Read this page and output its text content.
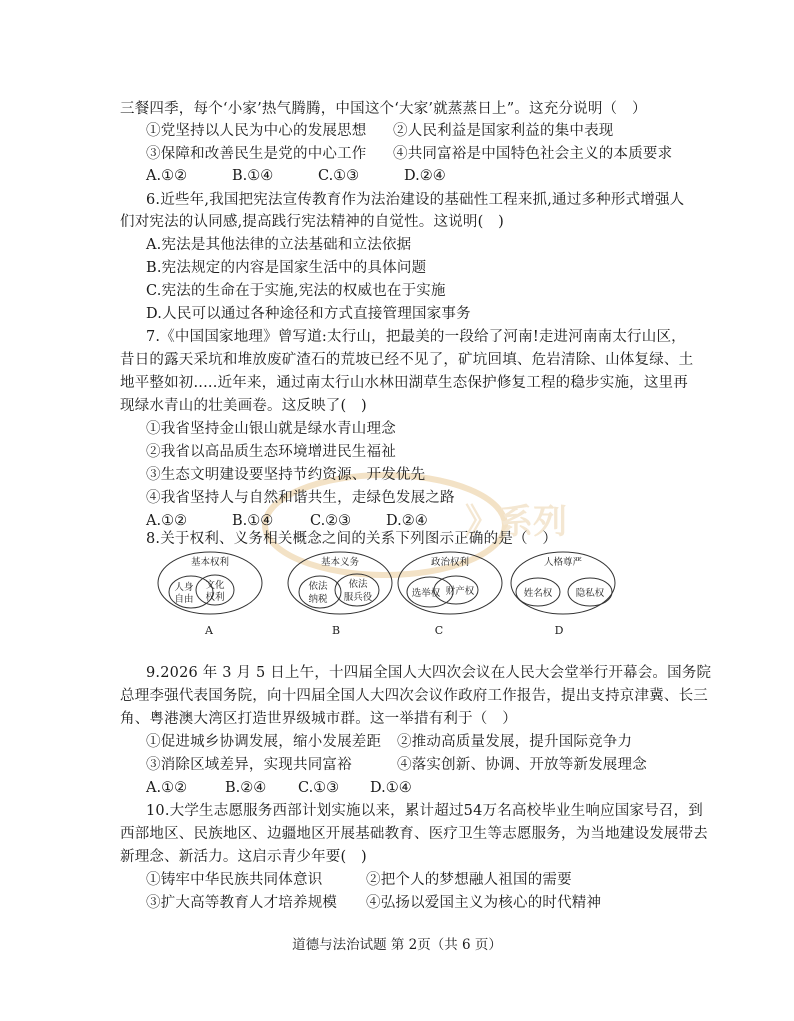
》系列
三餐四季，每个‘小家’热气腾腾，中国这个‘大家’就蒸蒸日上”。这充分说明（　）
①党坚持以人民为中心的发展思想 ②人民利益是国家利益的集中表现
③保障和改善民生是党的中心工作 ④共同富裕是中国特色社会主义的本质要求
A.①②	B.①④	C.①③	D.②④
6.近些年,我国把宪法宣传教育作为法治建设的基础性工程来抓,通过多种形式增强人
们对宪法的认同感,提高践行宪法精神的自觉性。这说明(　)
A.宪法是其他法律的立法基础和立法依据
B.宪法规定的内容是国家生活中的具体问题
C.宪法的生命在于实施,宪法的权威也在于实施
D.人民可以通过各种途径和方式直接管理国家事务
7.《中国国家地理》曾写道:太行山，把最美的一段给了河南!走进河南南太行山区，
昔日的露天采坑和堆放废矿渣石的荒坡已经不见了，矿坑回填、危岩清除、山体复绿、土
地平整如初.....近年来，通过南太行山水林田湖草生态保护修复工程的稳步实施，这里再
现绿水青山的壮美画卷。这反映了(　)
①我省坚持金山银山就是绿水青山理念
②我省以高品质生态环境增进民生福祉
③生态文明建设要坚持节约资源、开发优先
④我省坚持人与自然和谐共生，走绿色发展之路
A.①②	B.①④	C.②③ D.②④
8.关于权利、义务相关概念之间的关系下列图示正确的是（　）
基本权利
人身
自由
文化
权利
A
基本义务
依法
纳税
依法
服兵役
B
政治权利
选举权 财产权
C
人格尊严
姓名权 隐私权
D
9.2026 年 3 月 5 日上午，十四届全国人大四次会议在人民大会堂举行开幕会。国务院
总理李强代表国务院，向十四届全国人大四次会议作政府工作报告，提出支持京津冀、长三
角、粤港澳大湾区打造世界级城市群。这一举措有利于（　）
①促进城乡协调发展，缩小发展差距 ②推动高质量发展，提升国际竞争力
③消除区域差异，实现共同富裕	④落实创新、协调、开放等新发展理念
A.①②	B.②④ C.①③ D.①④
10.大学生志愿服务西部计划实施以来，累计超过54万名高校毕业生响应国家号召，到
西部地区、民族地区、边疆地区开展基础教育、医疗卫生等志愿服务，为当地建设发展带去
新理念、新活力。这启示青少年要(　)
①铸牢中华民族共同体意识	②把个人的梦想融人祖国的需要
③扩大高等教育人才培养规模 ④弘扬以爱国主义为核心的时代精神
道德与法治试题 第 2页（共 6 页）
